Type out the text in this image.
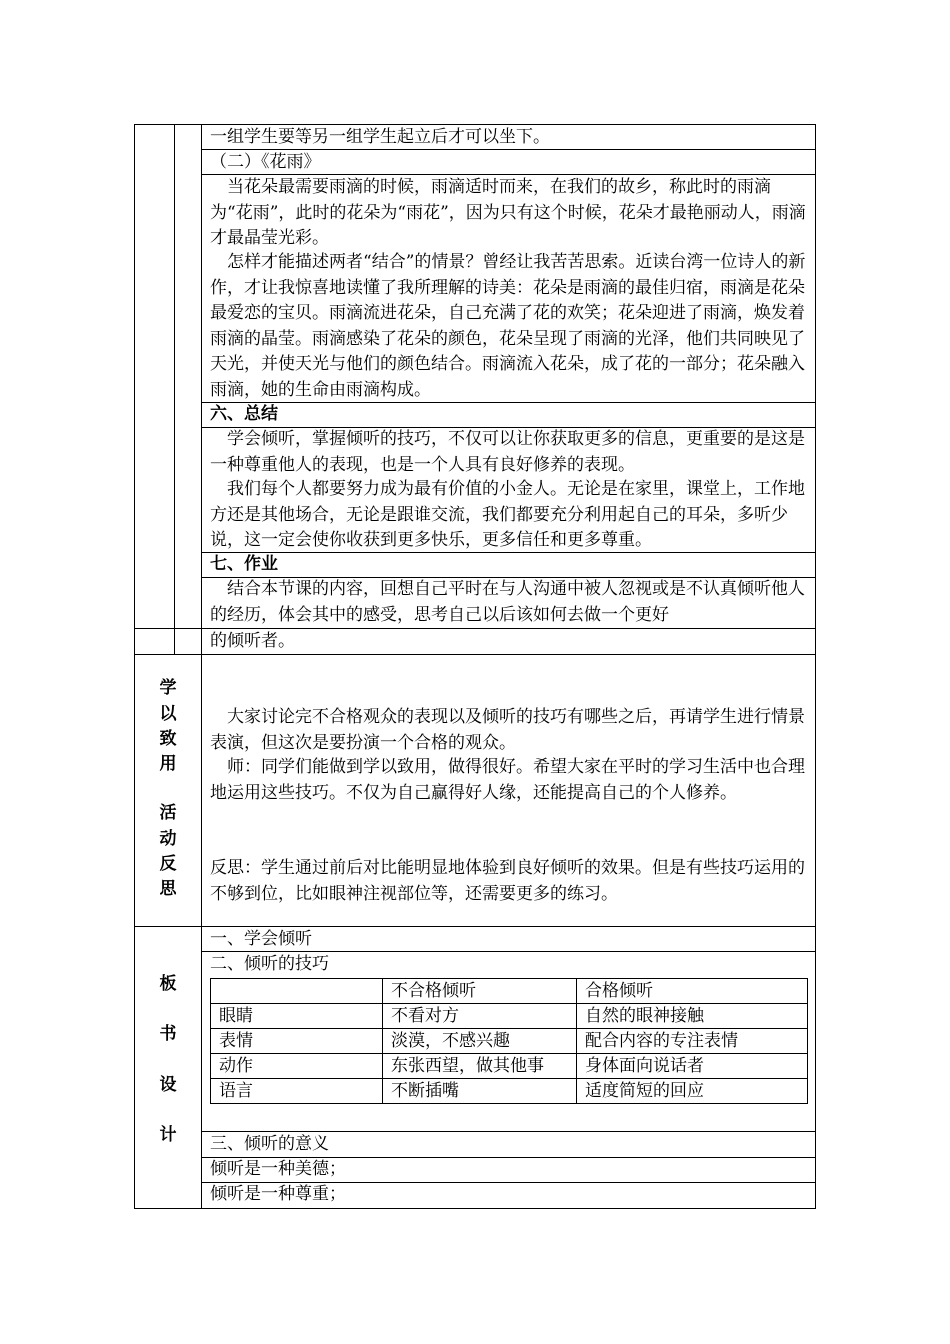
一组学生要等另一组学生起立后才可以坐下。
（二）《花雨》
当花朵最需要雨滴的时候，雨滴适时而来，在我们的故乡，称此时的雨滴为“花雨”，此时的花朵为“雨花”，因为只有这个时候，花朵才最艳丽动人，雨滴才最晶莹光彩。
怎样才能描述两者“结合”的情景？曾经让我苦苦思索。近读台湾一位诗人的新作，才让我惊喜地读懂了我所理解的诗美：花朵是雨滴的最佳归宿，雨滴是花朵最爱恋的宝贝。雨滴流进花朵，自己充满了花的欢笑；花朵迎进了雨滴，焕发着雨滴的晶莹。雨滴感染了花朵的颜色，花朵呈现了雨滴的光泽，他们共同映见了天光，并使天光与他们的颜色结合。雨滴流入花朵，成了花的一部分；花朵融入雨滴，她的生命由雨滴构成。
六、总结
学会倾听，掌握倾听的技巧，不仅可以让你获取更多的信息，更重要的是这是一种尊重他人的表现，也是一个人具有良好修养的表现。
我们每个人都要努力成为最有价值的小金人。无论是在家里，课堂上，工作地方还是其他场合，无论是跟谁交流，我们都要充分利用起自己的耳朵，多听少说，这一定会使你收获到更多快乐，更多信任和更多尊重。
七、作业
结合本节课的内容，回想自己平时在与人沟通中被人忽视或是不认真倾听他人的经历，体会其中的感受，思考自己以后该如何去做一个更好
的倾听者。
学
以
致
用
活
动
反
思
大家讨论完不合格观众的表现以及倾听的技巧有哪些之后，再请学生进行情景表演，但这次是要扮演一个合格的观众。
师：同学们能做到学以致用，做得很好。希望大家在平时的学习生活中也合理地运用这些技巧。不仅为自己赢得好人缘，还能提高自己的个人修养。
反思：学生通过前后对比能明显地体验到良好倾听的效果。但是有些技巧运用的不够到位，比如眼神注视部位等，还需要更多的练习。
板
书
设
计
一、学会倾听
二、倾听的技巧
	不合格倾听	合格倾听
眼睛	不看对方	自然的眼神接触
表情	淡漠，不感兴趣	配合内容的专注表情
动作	东张西望，做其他事	身体面向说话者
语言	不断插嘴	适度简短的回应
三、倾听的意义
倾听是一种美德；
倾听是一种尊重；
